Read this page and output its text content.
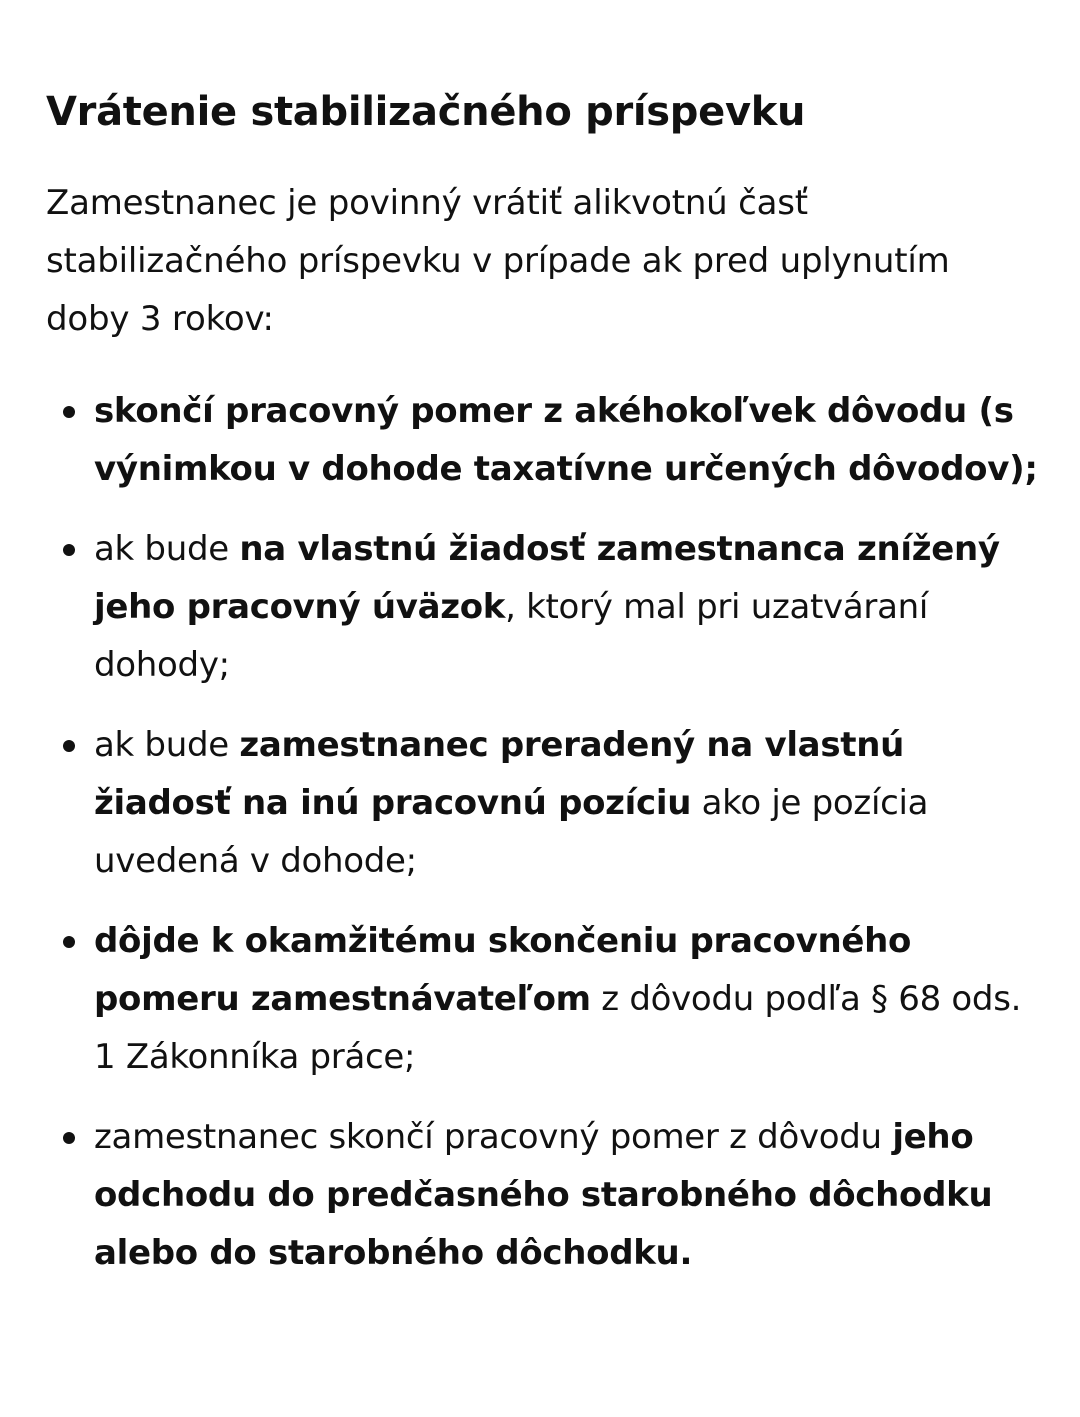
Vrátenie stabilizačného príspevku

Zamestnanec je povinný vrátiť alikvotnú časť stabilizačného príspevku v prípade ak pred uplynutím doby 3 rokov:

skončí pracovný pomer z akéhokoľvek dôvodu (s výnimkou v dohode taxatívne určených dôvodov);
ak bude na vlastnú žiadosť zamestnanca znížený jeho pracovný úväzok, ktorý mal pri uzatváraní dohody;
ak bude zamestnanec preradený na vlastnú žiadosť na inú pracovnú pozíciu ako je pozícia uvedená v dohode;
dôjde k okamžitému skončeniu pracovného pomeru zamestnávateľom z dôvodu podľa § 68 ods. 1 Zákonníka práce;
zamestnanec skončí pracovný pomer z dôvodu jeho odchodu do predčasného starobného dôchodku alebo do starobného dôchodku.
